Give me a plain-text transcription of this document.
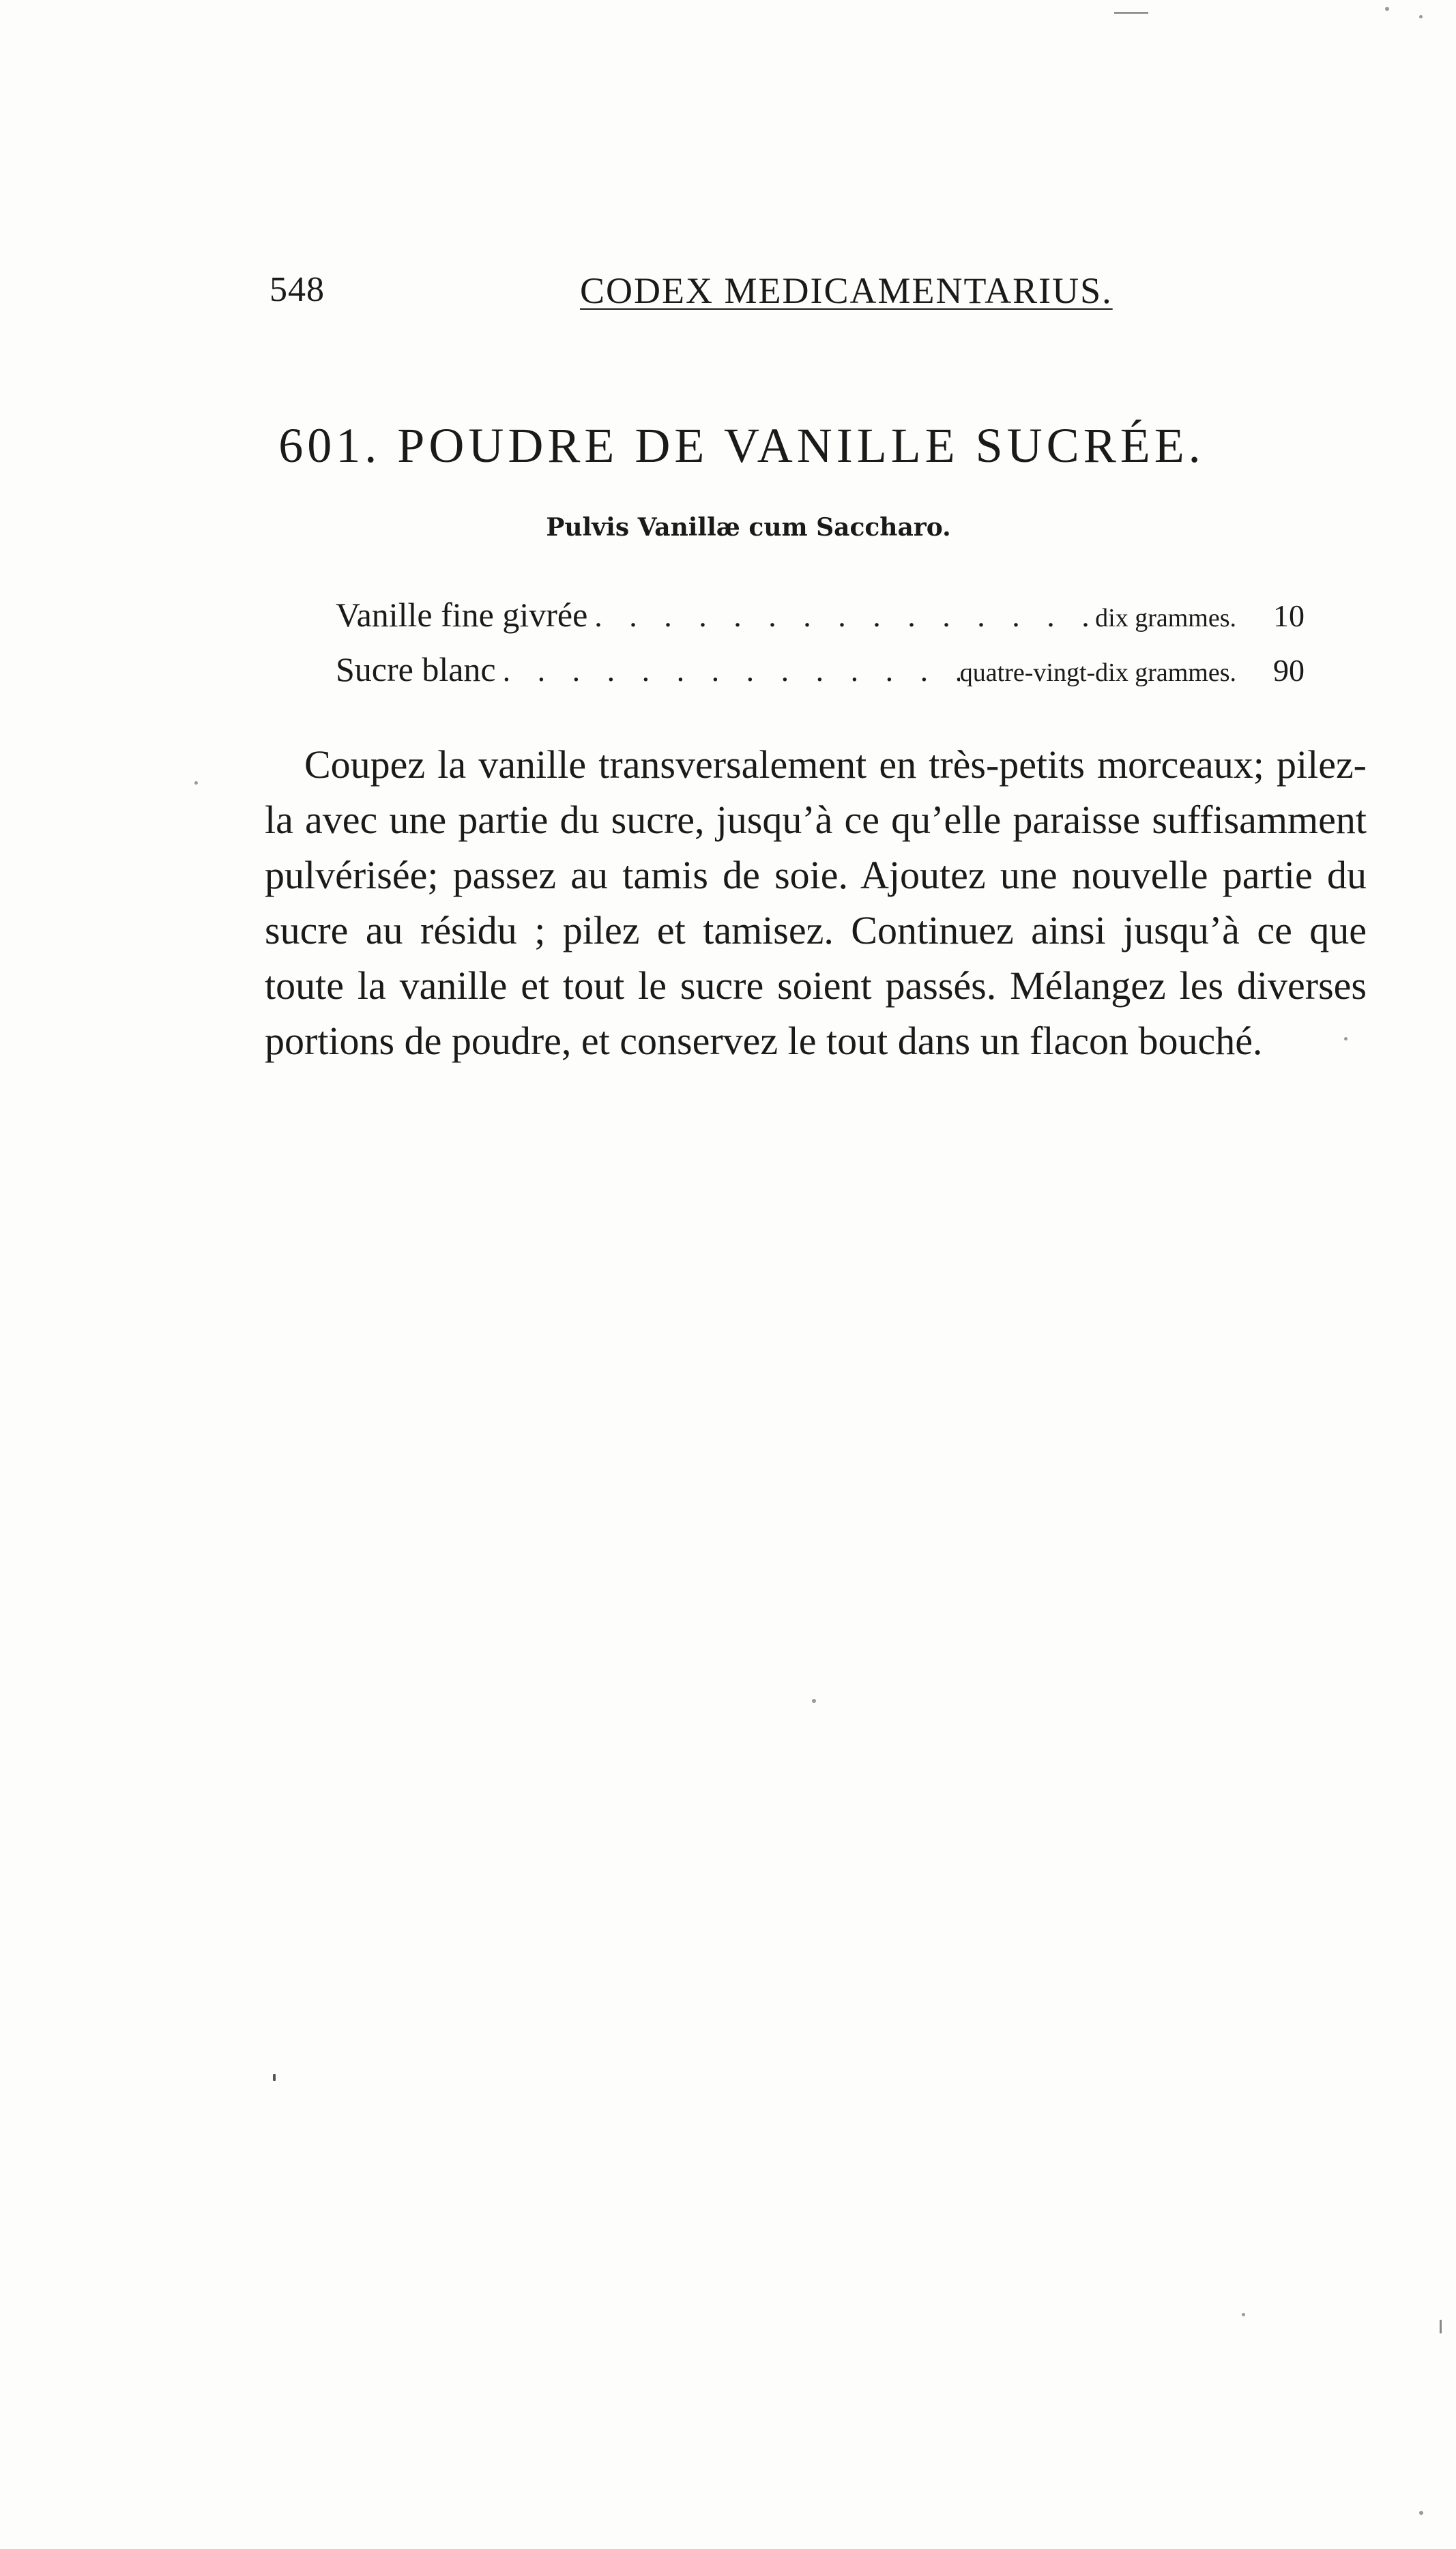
548	CODEX MEDICAMENTARIUS.
601. POUDRE DE VANILLE SUCRÉE.
Pulvis Vanillæ cum Saccharo.
Vanille fine givrée . . .	dix grammes.	10
Sucre blanc . . .	quatre-vingt-dix grammes.	90

Coupez la vanille transversalement en très-petits morceaux; pilez-la avec une partie du sucre, jusqu’à ce qu’elle paraisse suffisamment pulvérisée; passez au tamis de soie. Ajoutez une nouvelle partie du sucre au résidu ; pilez et tamisez. Continuez ainsi jusqu’à ce que toute la vanille et tout le sucre soient passés. Mélangez les diverses portions de poudre, et conservez le tout dans un flacon bouché.
